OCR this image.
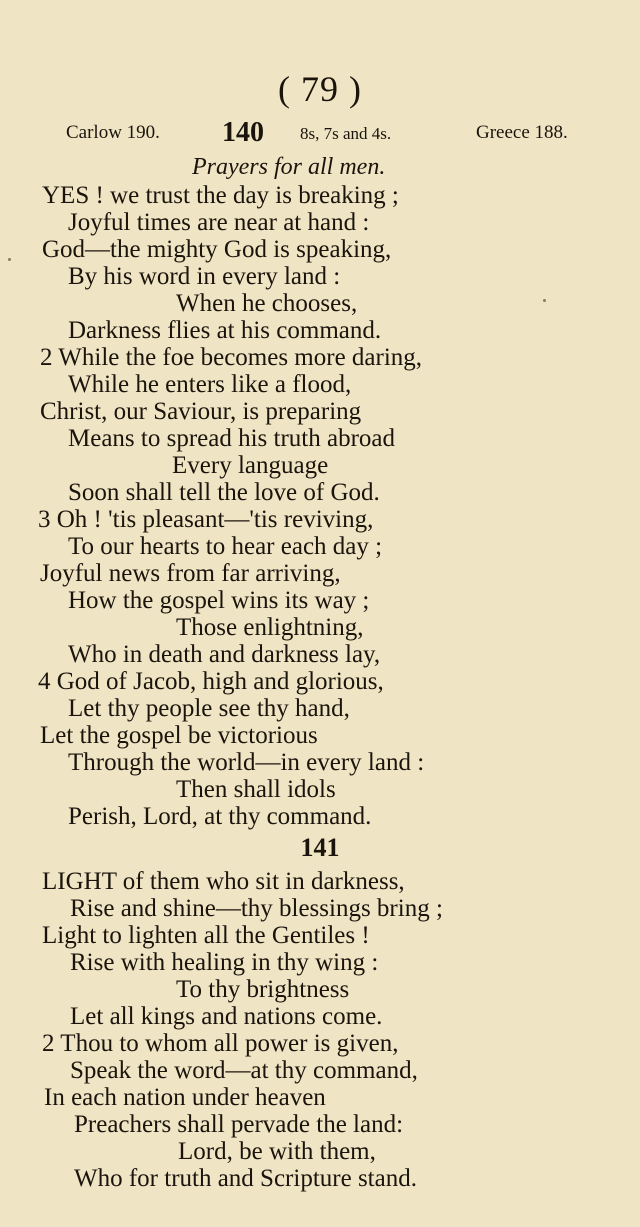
( 79 )
Carlow 190. 140 8s, 7s and 4s.	Greece 188.
Prayers for all men.
YES ! we trust the day is breaking ;
Joyful times are near at hand :
God—the mighty God is speaking,
By his word in every land :
When he chooses,
Darkness flies at his command.
2 While the foe becomes more daring,
While he enters like a flood,
Christ, our Saviour, is preparing
Means to spread his truth abroad
Every language
Soon shall tell the love of God.
3 Oh ! 'tis pleasant—'tis reviving,
To our hearts to hear each day ;
Joyful news from far arriving,
How the gospel wins its way ;
Those enlightning,
Who in death and darkness lay,
4 God of Jacob, high and glorious,
Let thy people see thy hand,
Let the gospel be victorious
Through the world—in every land :
Then shall idols
Perish, Lord, at thy command.
141
LIGHT of them who sit in darkness,
Rise and shine—thy blessings bring ;
Light to lighten all the Gentiles !
Rise with healing in thy wing :
To thy brightness
Let all kings and nations come.
2 Thou to whom all power is given,
Speak the word—at thy command,
In each nation under heaven
Preachers shall pervade the land:
Lord, be with them,
Who for truth and Scripture stand.
